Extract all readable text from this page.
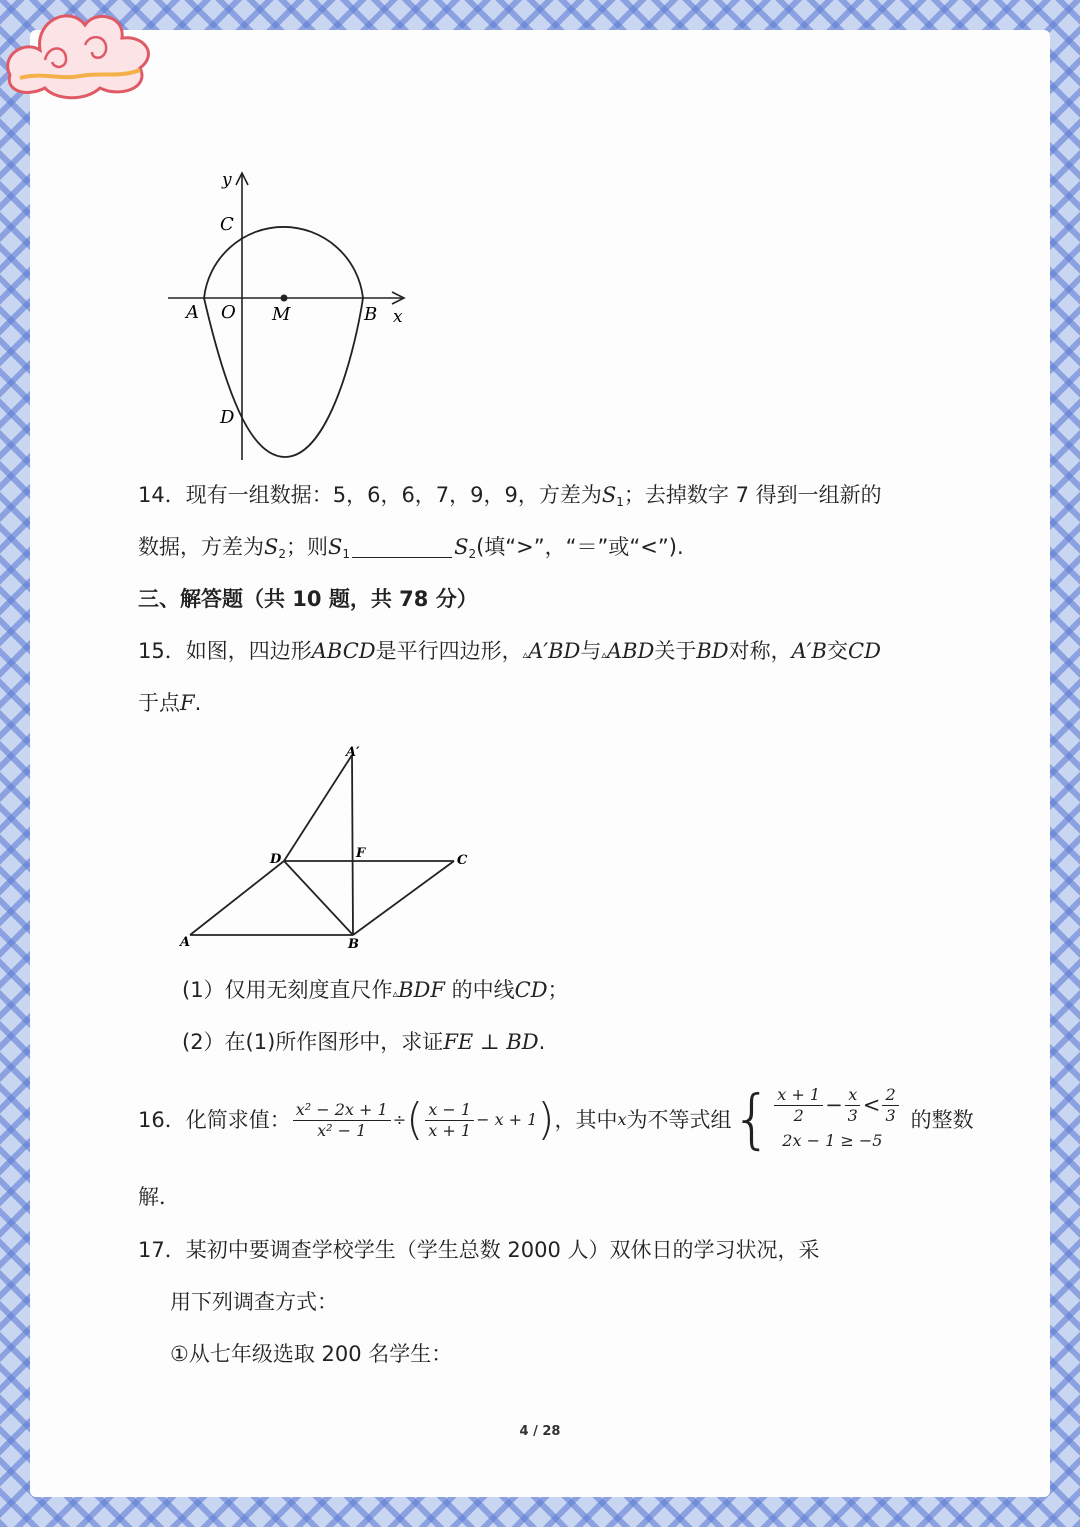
y
C
A O M	B x
D
14．现有一组数据：5，6，6，7，9，9，方差为$S_1$；去掉数字 7 得到一组新的
数据，方差为$S_2$；则$S_1$	$S_2$(填“>”，“＝”或“<”).
三、解答题（共 10 题，共 78 分）
15．如图，四边形ABCD是平行四边形，▵A′BD与▵ABD关于BD对称，A′B交CD
于点F.
A′
D	F	C
A	B
(1）仅用无刻度直尺作▵BDF 的中线CD；
(2）在(1)所作图形中，求证FE ⊥ BD.
16．化简求值： $\frac{\text{x² − 2x + 1}}{\text{x² − 1}}$ ÷ ( $\frac{x - 1}{x + 1} - x + 1$ ) ，其中 x 为不等式组 { $\frac{x + 1}{2} - \frac{x}{3} < \frac{2}{3}$
2x − 1 ≥ −5
的整数
解．
17．某初中要调查学校学生（学生总数 2000 人）双休日的学习状况，采
用下列调查方式：
①从七年级选取 200 名学生：
4 / 28
